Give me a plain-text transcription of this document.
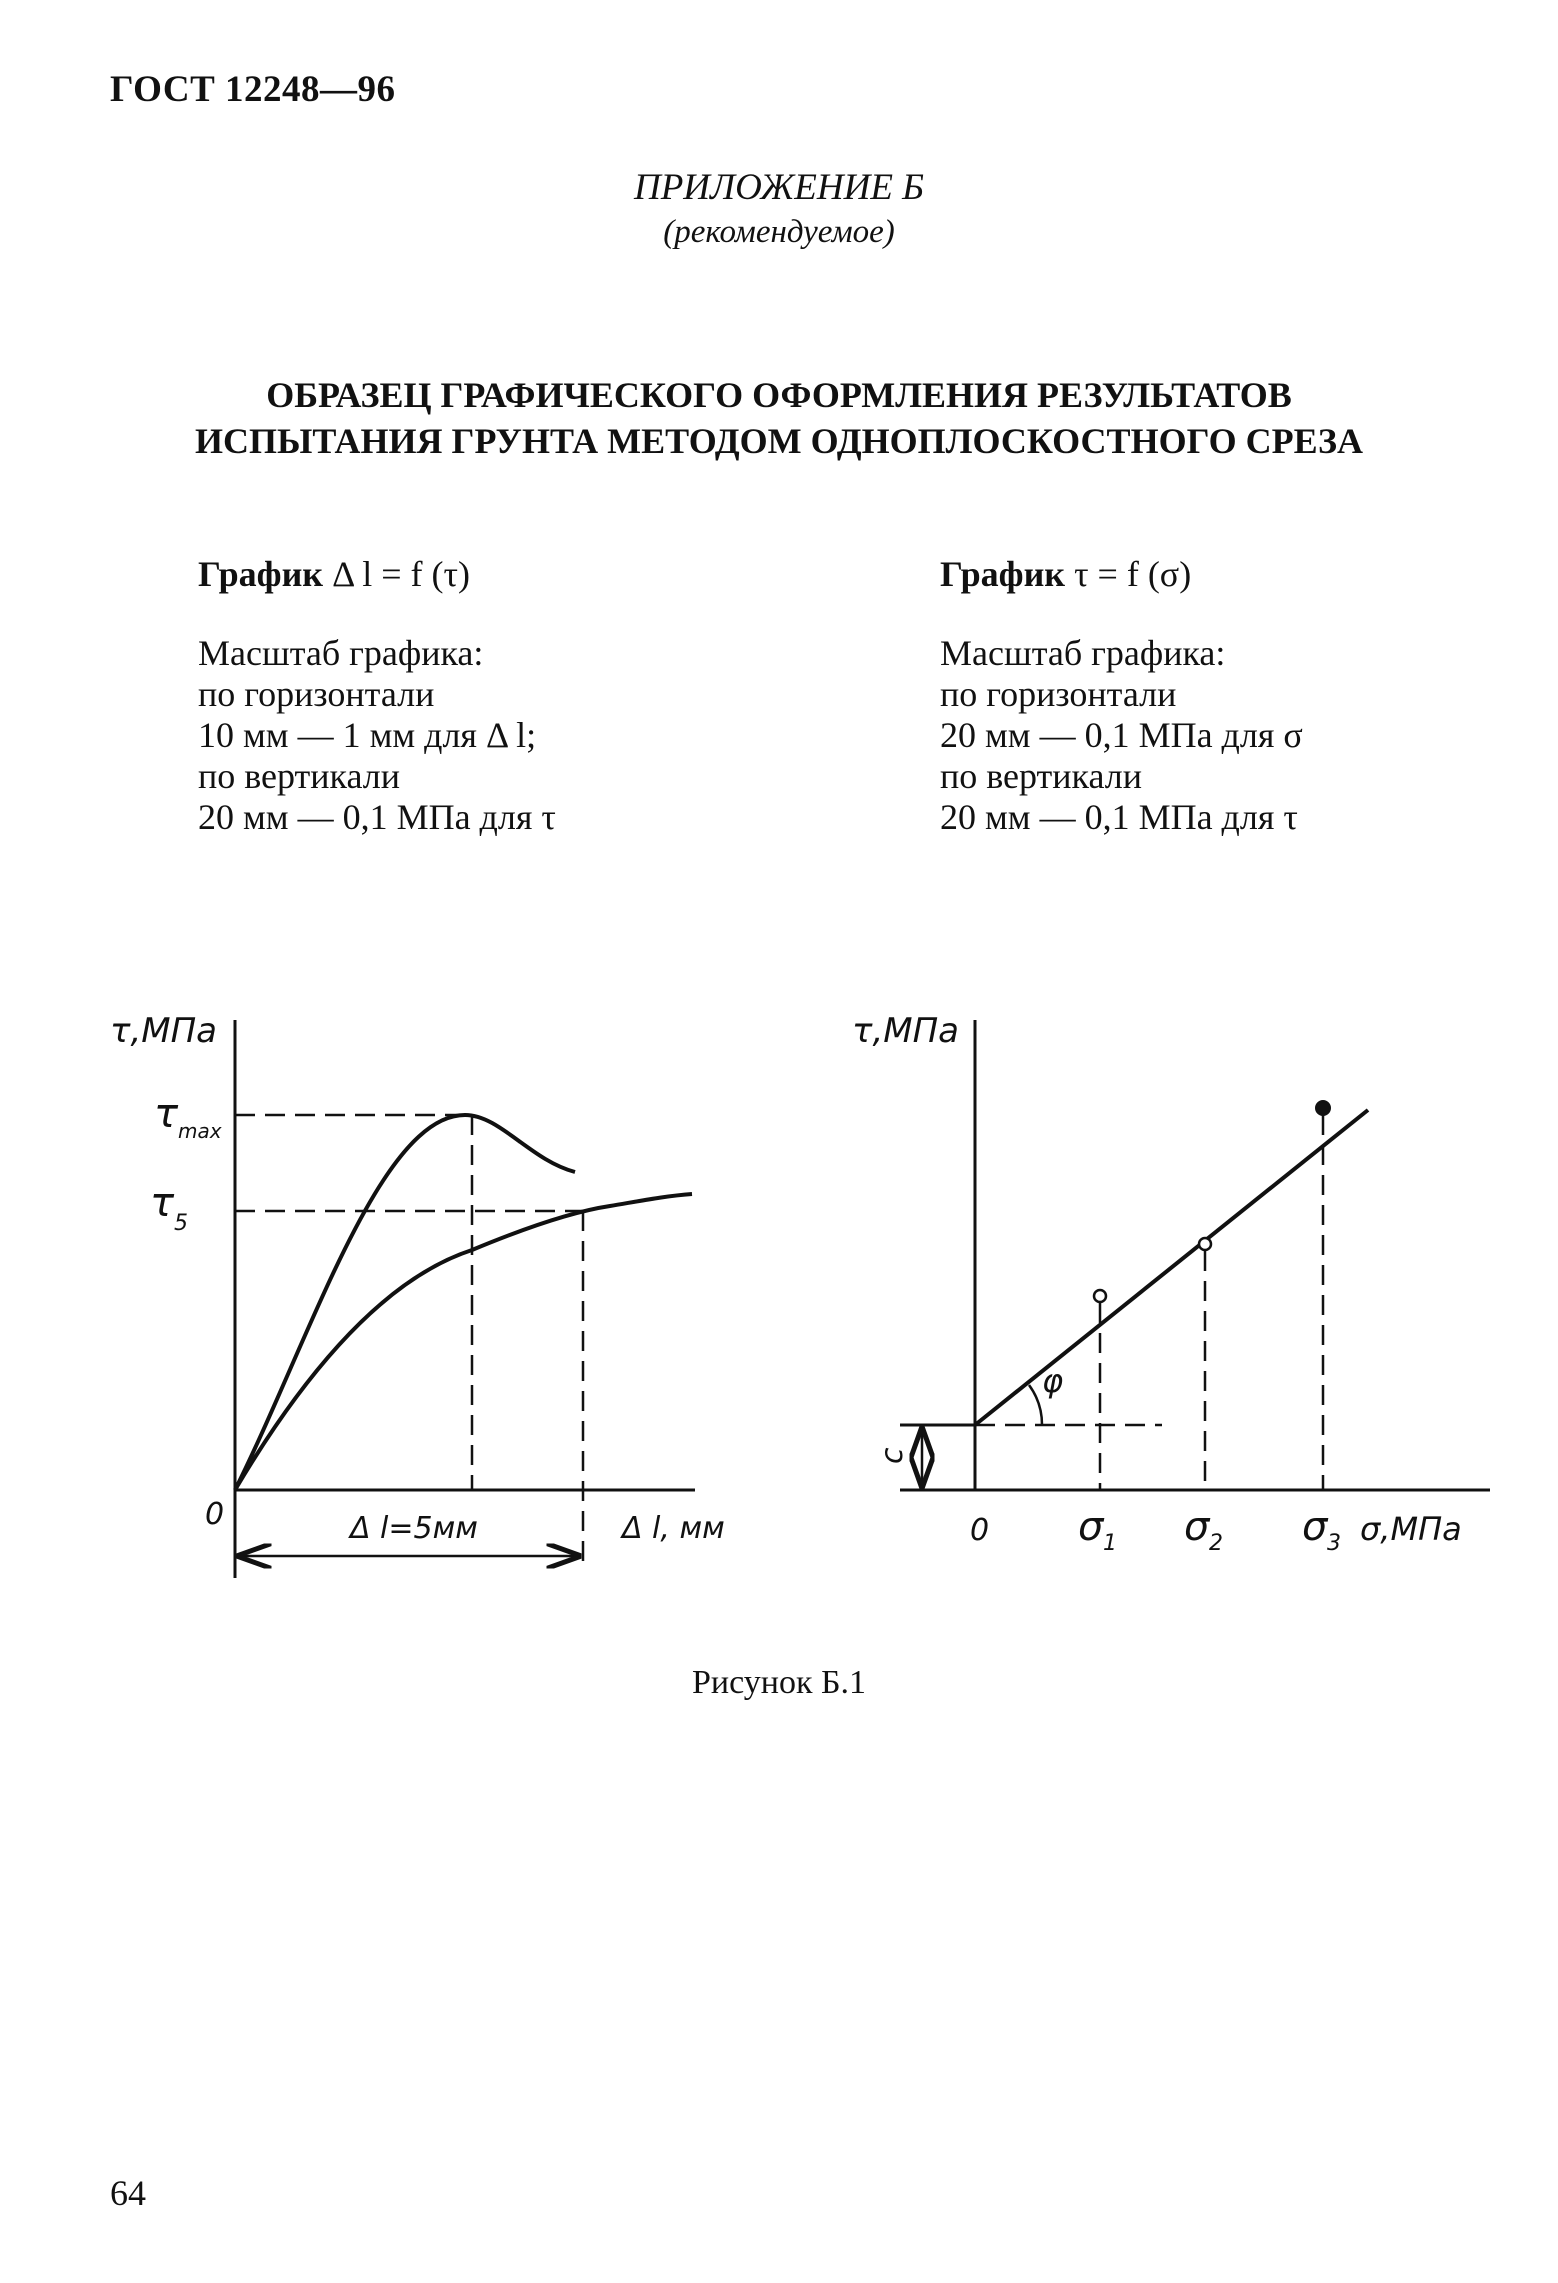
ГОСТ 12248—96
ПРИЛОЖЕНИЕ Б
(рекомендуемое)
ОБРАЗЕЦ ГРАФИЧЕСКОГО ОФОРМЛЕНИЯ РЕЗУЛЬТАТОВ
ИСПЫТАНИЯ ГРУНТА МЕТОДОМ ОДНОПЛОСКОСТНОГО СРЕЗА
График Δ l = f (τ)
Масштаб графика:
по горизонтали
10 мм — 1 мм для Δ l;
по вертикали
20 мм — 0,1 МПа для τ
График τ = f (σ)
Масштаб графика:
по горизонтали
20 мм — 0,1 МПа для σ
по вертикали
20 мм — 0,1 МПа для τ
τ,МПа
τ max
τ 5
0	Δ l=5мм	Δ l, мм
φ
τ,МПа
c
0 σ 1 σ 2 σ 3 σ,МПа
Рисунок Б.1
64
